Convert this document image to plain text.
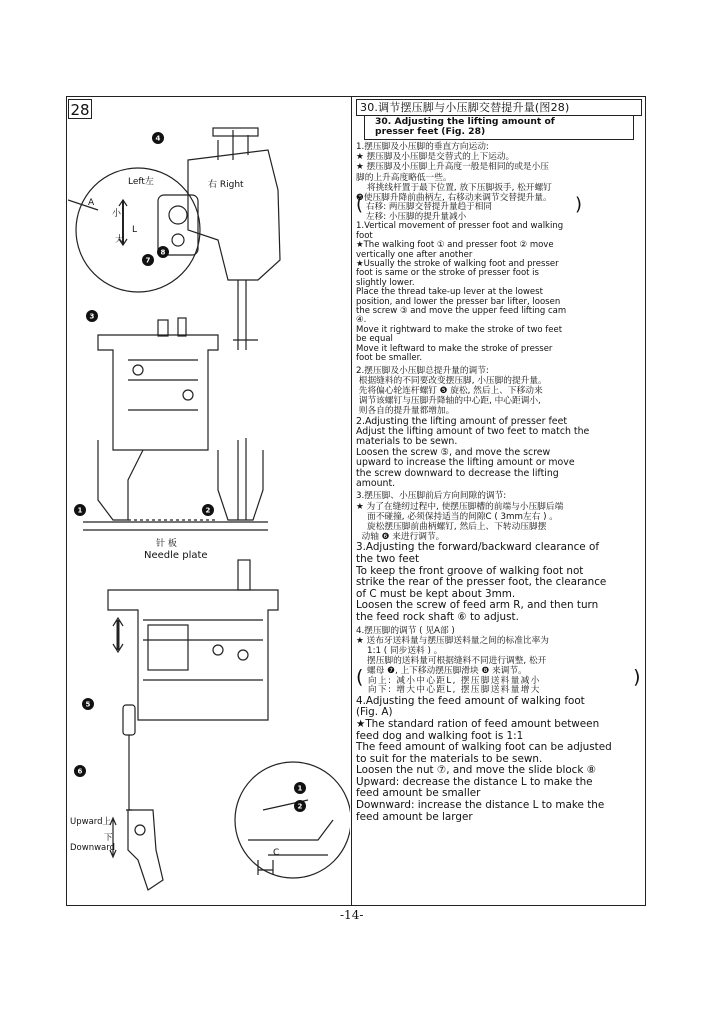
28
Left左	右 Right
A
小
大
L
针 板
Needle plate
Upward上
下
Downward	C
4
8
7
3
1	2
5
6
1
2
30.调节摆压脚与小压脚交替提升量(图28)
30. Adjusting the lifting amount of
presser feet (Fig. 28)

1.摆压脚及小压脚的垂直方向运动:
★ 摆压脚及小压脚是交替式的上下运动。
★ 摆压脚及小压脚上升高度一般是相同的或是小压
脚的上升高度略低一些。
将挑线杆置于最下位置, 放下压脚扳手, 松开螺钉
❸使压脚升降前曲柄左, 右移动来调节交替提升量。

( 右移: 两压脚交替提升量趋于相同
左移: 小压脚的提升量减小
)

1.Vertical movement of presser foot and walking
foot
★The walking foot ① and presser foot ② move
vertically one after another
★Usually the stroke of walking foot and presser
foot is same or the stroke of presser foot is
slightly lower.
Place the thread take-up lever at the lowest
position, and lower the presser bar lifter, loosen
the screw ③ and move the upper feed lifting cam
④.
Move it rightward to make the stroke of two feet
be equal
Move it leftward to make the stroke of presser
foot be smaller.

2.摆压脚及小压脚总提升量的调节:
根据缝料的不同要改变摆压脚, 小压脚的提升量。
先将偏心轮连杆螺钉 ❺ 旋松, 然后上、下移动来
调节该螺钉与压脚升降轴的中心距, 中心距调小,
则各自的提升量都增加。

2.Adjusting the lifting amount of presser feet
Adjust the lifting amount of two feet to match the
materials to be sewn.
Loosen the screw ⑤, and move the screw
upward to increase the lifting amount or move
the screw downward to decrease the lifting
amount.

3.摆压脚、小压脚前后方向间隙的调节:
★ 为了在缝纫过程中, 使摆压脚槽的前端与小压脚后端
面不碰撞, 必须保持适当的间隙C ( 3mm左右 ) 。
旋松摆压脚前曲柄螺钉, 然后上、下转动压脚摆
动轴 ❻ 来进行调节。

3.Adjusting the forward/backward clearance of
the two feet
To keep the front groove of walking foot not
strike the rear of the presser foot, the clearance
of C must be kept about 3mm.
Loosen the screw of feed arm R, and then turn
the feed rock shaft ⑥ to adjust.

4.摆压脚的调节 ( 见A部 )
★ 送布牙送料量与摆压脚送料量之间的标准比率为
1:1 ( 同步送料 ) 。
摆压脚的送料量可根据缝料不同进行调整, 松开
螺母 ❼, 上下移动摆压脚滑块 ❽ 来调节。

( 向上: 减小中心距L, 摆压脚送料量减小
向下: 增大中心距L, 摆压脚送料量增大
)

4.Adjusting the feed amount of walking foot
(Fig. A)
★The standard ration of feed amount between
feed dog and walking foot is 1:1
The feed amount of walking foot can be adjusted
to suit for the materials to be sewn.
Loosen the nut ⑦, and move the slide block ⑧
Upward: decrease the distance L to make the
feed amount be smaller
Downward: increase the distance L to make the
feed amount be larger

-14-
